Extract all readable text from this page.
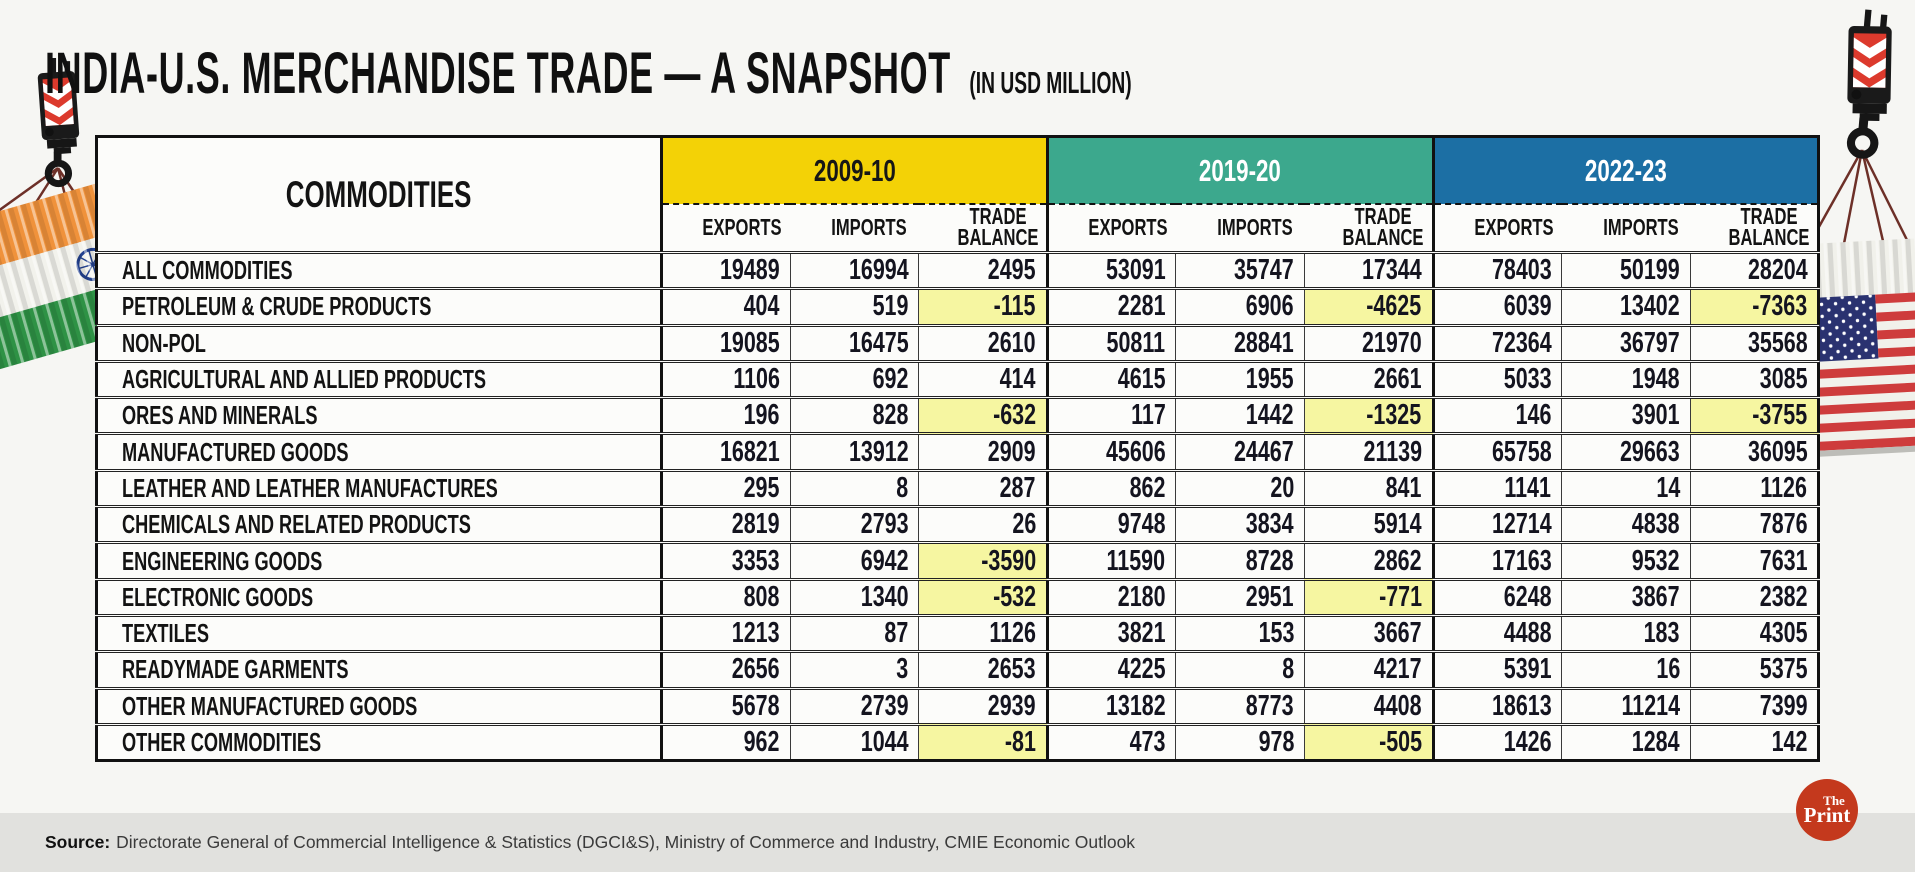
INDIA-U.S. MERCHANDISE TRADE — A SNAPSHOT (IN USD MILLION)
COMMODITIES	2009-10			2019-20			2022-23		
	EXPORTS	IMPORTS	TRADE BALANCE	EXPORTS	IMPORTS	TRADE BALANCE	EXPORTS	IMPORTS	TRADE BALANCE
ALL COMMODITIES	19489	16994	2495	53091	35747	17344	78403	50199	28204
PETROLEUM & CRUDE PRODUCTS	404	519	-115	2281	6906	-4625	6039	13402	-7363
NON-POL	19085	16475	2610	50811	28841	21970	72364	36797	35568
AGRICULTURAL AND ALLIED PRODUCTS	1106	692	414	4615	1955	2661	5033	1948	3085
ORES AND MINERALS	196	828	-632	117	1442	-1325	146	3901	-3755
MANUFACTURED GOODS	16821	13912	2909	45606	24467	21139	65758	29663	36095
LEATHER AND LEATHER MANUFACTURES	295	8	287	862	20	841	1141	14	1126
CHEMICALS AND RELATED PRODUCTS	2819	2793	26	9748	3834	5914	12714	4838	7876
ENGINEERING GOODS	3353	6942	-3590	11590	8728	2862	17163	9532	7631
ELECTRONIC GOODS	808	1340	-532	2180	2951	-771	6248	3867	2382
TEXTILES	1213	87	1126	3821	153	3667	4488	183	4305
READYMADE GARMENTS	2656	3	2653	4225	8	4217	5391	16	5375
OTHER MANUFACTURED GOODS	5678	2739	2939	13182	8773	4408	18613	11214	7399
OTHER COMMODITIES	962	1044	-81	473	978	-505	1426	1284	142
Source: Directorate General of Commercial Intelligence & Statistics (DGCI&S), Ministry of Commerce and Industry, CMIE Economic Outlook
The
Print
